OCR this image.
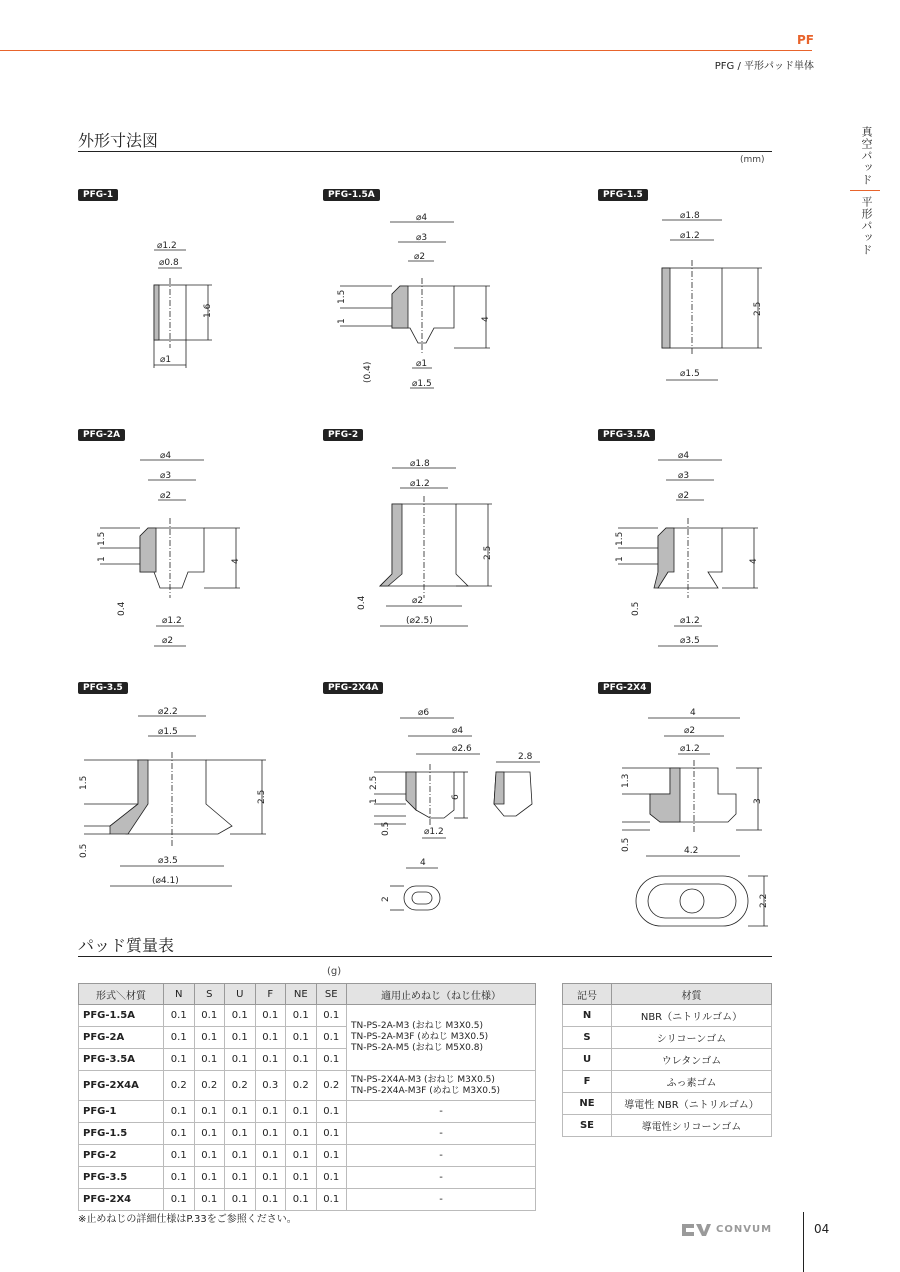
PF
PFG / 平形パッド単体
真空パッド
平形パッド
外形寸法図
(mm)
PFG-1	PFG-1.5A	PFG-1.5
⌀1.2
⌀0.8
1.6
⌀1
⌀4
⌀3
⌀2
1.5
1	4
(0.4)	⌀1
⌀1.5
⌀1.8
⌀1.2
2.5
⌀1.5
PFG-2A	PFG-2	PFG-3.5A
⌀4
⌀3
⌀2
1.5
1	4
0.4
⌀1.2
⌀2
⌀1.8
⌀1.2
2.5
0.4	⌀2
(⌀2.5)
⌀4
⌀3
⌀2
1.5
1	4
0.5
⌀1.2
⌀3.5
PFG-3.5	PFG-2X4A	PFG-2X4
⌀2.2
⌀1.5
1.5
2.5
0.5
⌀3.5
(⌀4.1)
⌀6
⌀4
⌀2.6
2.8
2.5
1
6
0.5	⌀1.2
4
2
4
⌀2
⌀1.2
1.3
3
0.5	4.2
2.2
パッド質量表
(g)
形式＼材質	N	S	U	F	NE	SE	適用止めねじ（ねじ仕様）
PFG-1.5A	0.1	0.1	0.1	0.1	0.1	0.1	TN-PS-2A-M3 (おねじ M3X0.5)
TN-PS-2A-M3F (めねじ M3X0.5)
TN-PS-2A-M5 (おねじ M5X0.8)

PFG-2A	0.1	0.1	0.1	0.1	0.1	0.1	
PFG-3.5A	0.1	0.1	0.1	0.1	0.1	0.1	
PFG-2X4A	0.2	0.2	0.2	0.3	0.2	0.2	TN-PS-2X4A-M3 (おねじ M3X0.5)
TN-PS-2X4A-M3F (めねじ M3X0.5)

PFG-1	0.1	0.1	0.1	0.1	0.1	0.1	-
PFG-1.5	0.1	0.1	0.1	0.1	0.1	0.1	-
PFG-2	0.1	0.1	0.1	0.1	0.1	0.1	-
PFG-3.5	0.1	0.1	0.1	0.1	0.1	0.1	-
PFG-2X4	0.1	0.1	0.1	0.1	0.1	0.1	-
※止めねじの詳細仕様はP.33をご参照ください。
記号	材質
N	NBR（ニトリルゴム）
S	シリコーンゴム
U	ウレタンゴム
F	ふっ素ゴム
NE	導電性 NBR（ニトリルゴム）
SE	導電性シリコーンゴム
CONVUM	04
